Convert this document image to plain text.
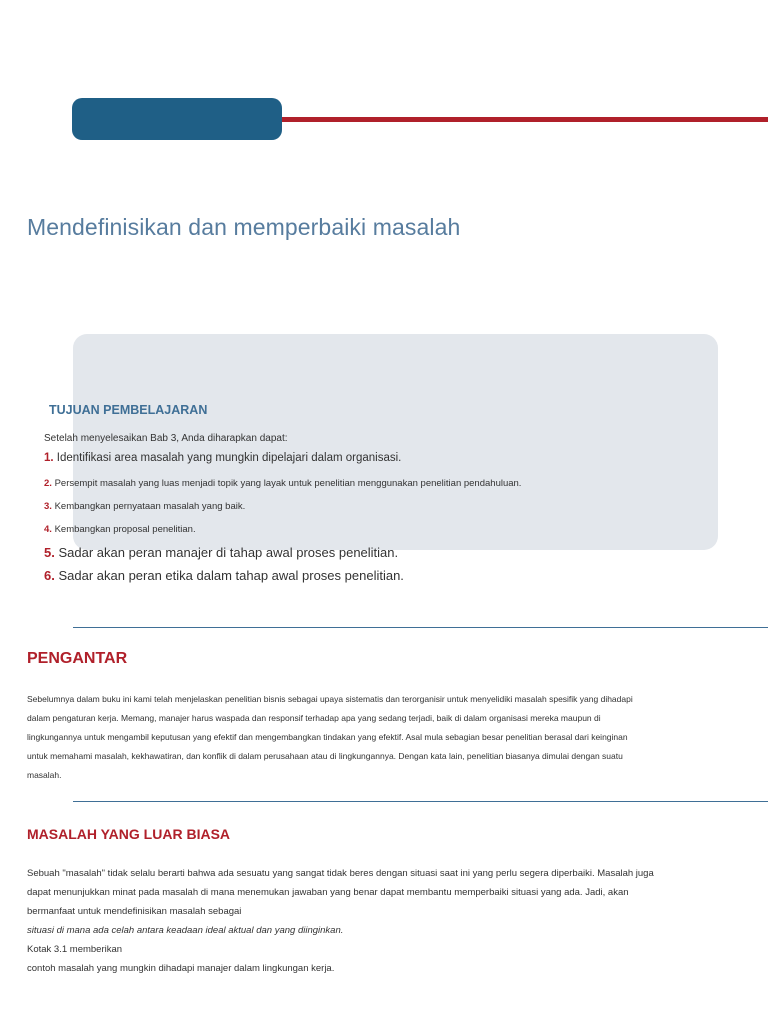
Mendefinisikan dan memperbaiki masalah
TUJUAN PEMBELAJARAN
Setelah menyelesaikan Bab 3, Anda diharapkan dapat:
1. Identifikasi area masalah yang mungkin dipelajari dalam organisasi.
2. Persempit masalah yang luas menjadi topik yang layak untuk penelitian menggunakan penelitian pendahuluan.
3. Kembangkan pernyataan masalah yang baik.
4. Kembangkan proposal penelitian.
5. Sadar akan peran manajer di tahap awal proses penelitian.
6. Sadar akan peran etika dalam tahap awal proses penelitian.
PENGANTAR

Sebelumnya dalam buku ini kami telah menjelaskan penelitian bisnis sebagai upaya sistematis dan terorganisir untuk menyelidiki masalah spesifik yang dihadapi
dalam pengaturan kerja. Memang, manajer harus waspada dan responsif terhadap apa yang sedang terjadi, baik di dalam organisasi mereka maupun di
lingkungannya untuk mengambil keputusan yang efektif dan mengembangkan tindakan yang efektif. Asal mula sebagian besar penelitian berasal dari keinginan
untuk memahami masalah, kekhawatiran, dan konflik di dalam perusahaan atau di lingkungannya. Dengan kata lain, penelitian biasanya dimulai dengan suatu
masalah.

MASALAH YANG LUAR BIASA

Sebuah "masalah" tidak selalu berarti bahwa ada sesuatu yang sangat tidak beres dengan situasi saat ini yang perlu segera diperbaiki. Masalah juga
dapat menunjukkan minat pada masalah di mana menemukan jawaban yang benar dapat membantu memperbaiki situasi yang ada. Jadi, akan
bermanfaat untuk mendefinisikan masalah sebagai
situasi di mana ada celah antara keadaan ideal aktual dan yang diinginkan.
Kotak 3.1 memberikan
contoh masalah yang mungkin dihadapi manajer dalam lingkungan kerja.
